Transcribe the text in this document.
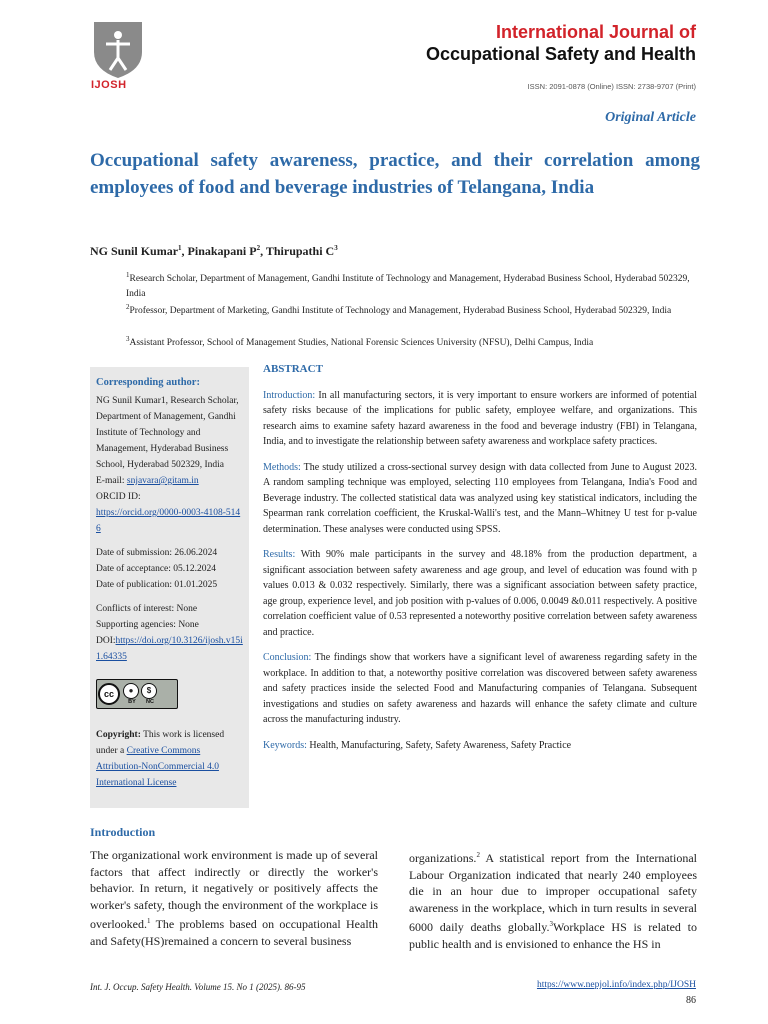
IJOSH
International Journal of
Occupational Safety and Health
ISSN: 2091-0878 (Online) ISSN: 2738-9707 (Print)
Original Article
Occupational safety awareness, practice, and their correlation among employees of food and beverage industries of Telangana, India
NG Sunil Kumar$^1$, Pinakapani $P^2$, Thirupathi $C^3$
$^1$Research Scholar, Department of Management, Gandhi Institute of Technology and Management, Hyderabad Business School, Hyderabad 502329, India
$^2$Professor, Department of Marketing, Gandhi Institute of Technology and Management, Hyderabad Business School, Hyderabad 502329, India
$^3$Assistant Professor, School of Management Studies, National Forensic Sciences University (NFSU), Delhi Campus, India
Corresponding author:

NG Sunil Kumar1, Research Scholar, Department of Management, Gandhi Institute of Technology and Management, Hyderabad Business School, Hyderabad 502329, India

E-mail: snjavara@gitam.in

ORCID ID:

https://orcid.org/0000-0003-4108-5146

Date of submission: 26.06.2024

Date of acceptance: 05.12.2024

Date of publication: 01.01.2025

Conflicts of interest: None

Supporting agencies: None

DOI:https://doi.org/10.3126/ijosh.v15i1.64335

cc	●
BY
$
NC

Copyright: This work is licensed under a Creative Commons Attribution-NonCommercial 4.0 International License

ABSTRACT

Introduction: In all manufacturing sectors, it is very important to ensure workers are informed of potential safety risks because of the implications for public safety, employee welfare, and organizations. This research aims to examine safety hazard awareness in the food and beverage industry (FBI) in Telangana, India, and to investigate the relationship between safety awareness and workplace safety practices.

Methods: The study utilized a cross-sectional survey design with data collected from June to August 2023. A random sampling technique was employed, selecting 110 employees from Telangana, India's Food and Beverage industry. The collected statistical data was analyzed using key statistical indicators, including the Spearman rank correlation coefficient, the Kruskal-Walli's test, and the Mann–Whitney U test for p-value determination. These analyses were conducted using SPSS.

Results: With 90% male participants in the survey and 48.18% from the production department, a significant association between safety awareness and age group, and level of education was found with p values 0.013 & 0.032 respectively. Similarly, there was a significant association between safety practice, age group, experience level, and job position with p-values of 0.006, 0.0049 &0.011 respectively. A positive correlation coefficient value of 0.53 represented a noteworthy positive correlation between safety awareness and practice.

Conclusion: The findings show that workers have a significant level of awareness regarding safety in the workplace. In addition to that, a noteworthy positive correlation was discovered between safety awareness and safety practices inside the selected Food and Manufacturing companies of Telangana. Subsequent investigations and studies on safety awareness and hazards will enhance the safety climate and culture across the manufacturing industry.

Keywords: Health, Manufacturing, Safety, Safety Awareness, Safety Practice

Introduction
The organizational work environment is made up of several factors that affect indirectly or directly the worker's behavior. In return, it negatively or positively affects the worker's safety, though the environment of the workplace is overlooked.$^1$ The problems based on occupational Health and Safety(HS)remained a concern to several business
organizations.$^2$ A statistical report from the International Labour Organization indicated that nearly 240 employees die in an hour due to improper occupational safety awareness in the workplace, which in turn results in several 6000 daily deaths globally.$^3$Workplace HS is related to public health and is envisioned to enhance the HS in
Int. J. Occup. Safety Health. Volume 15. No 1 (2025). 86-95	https://www.nepjol.info/index.php/IJOSH
86
